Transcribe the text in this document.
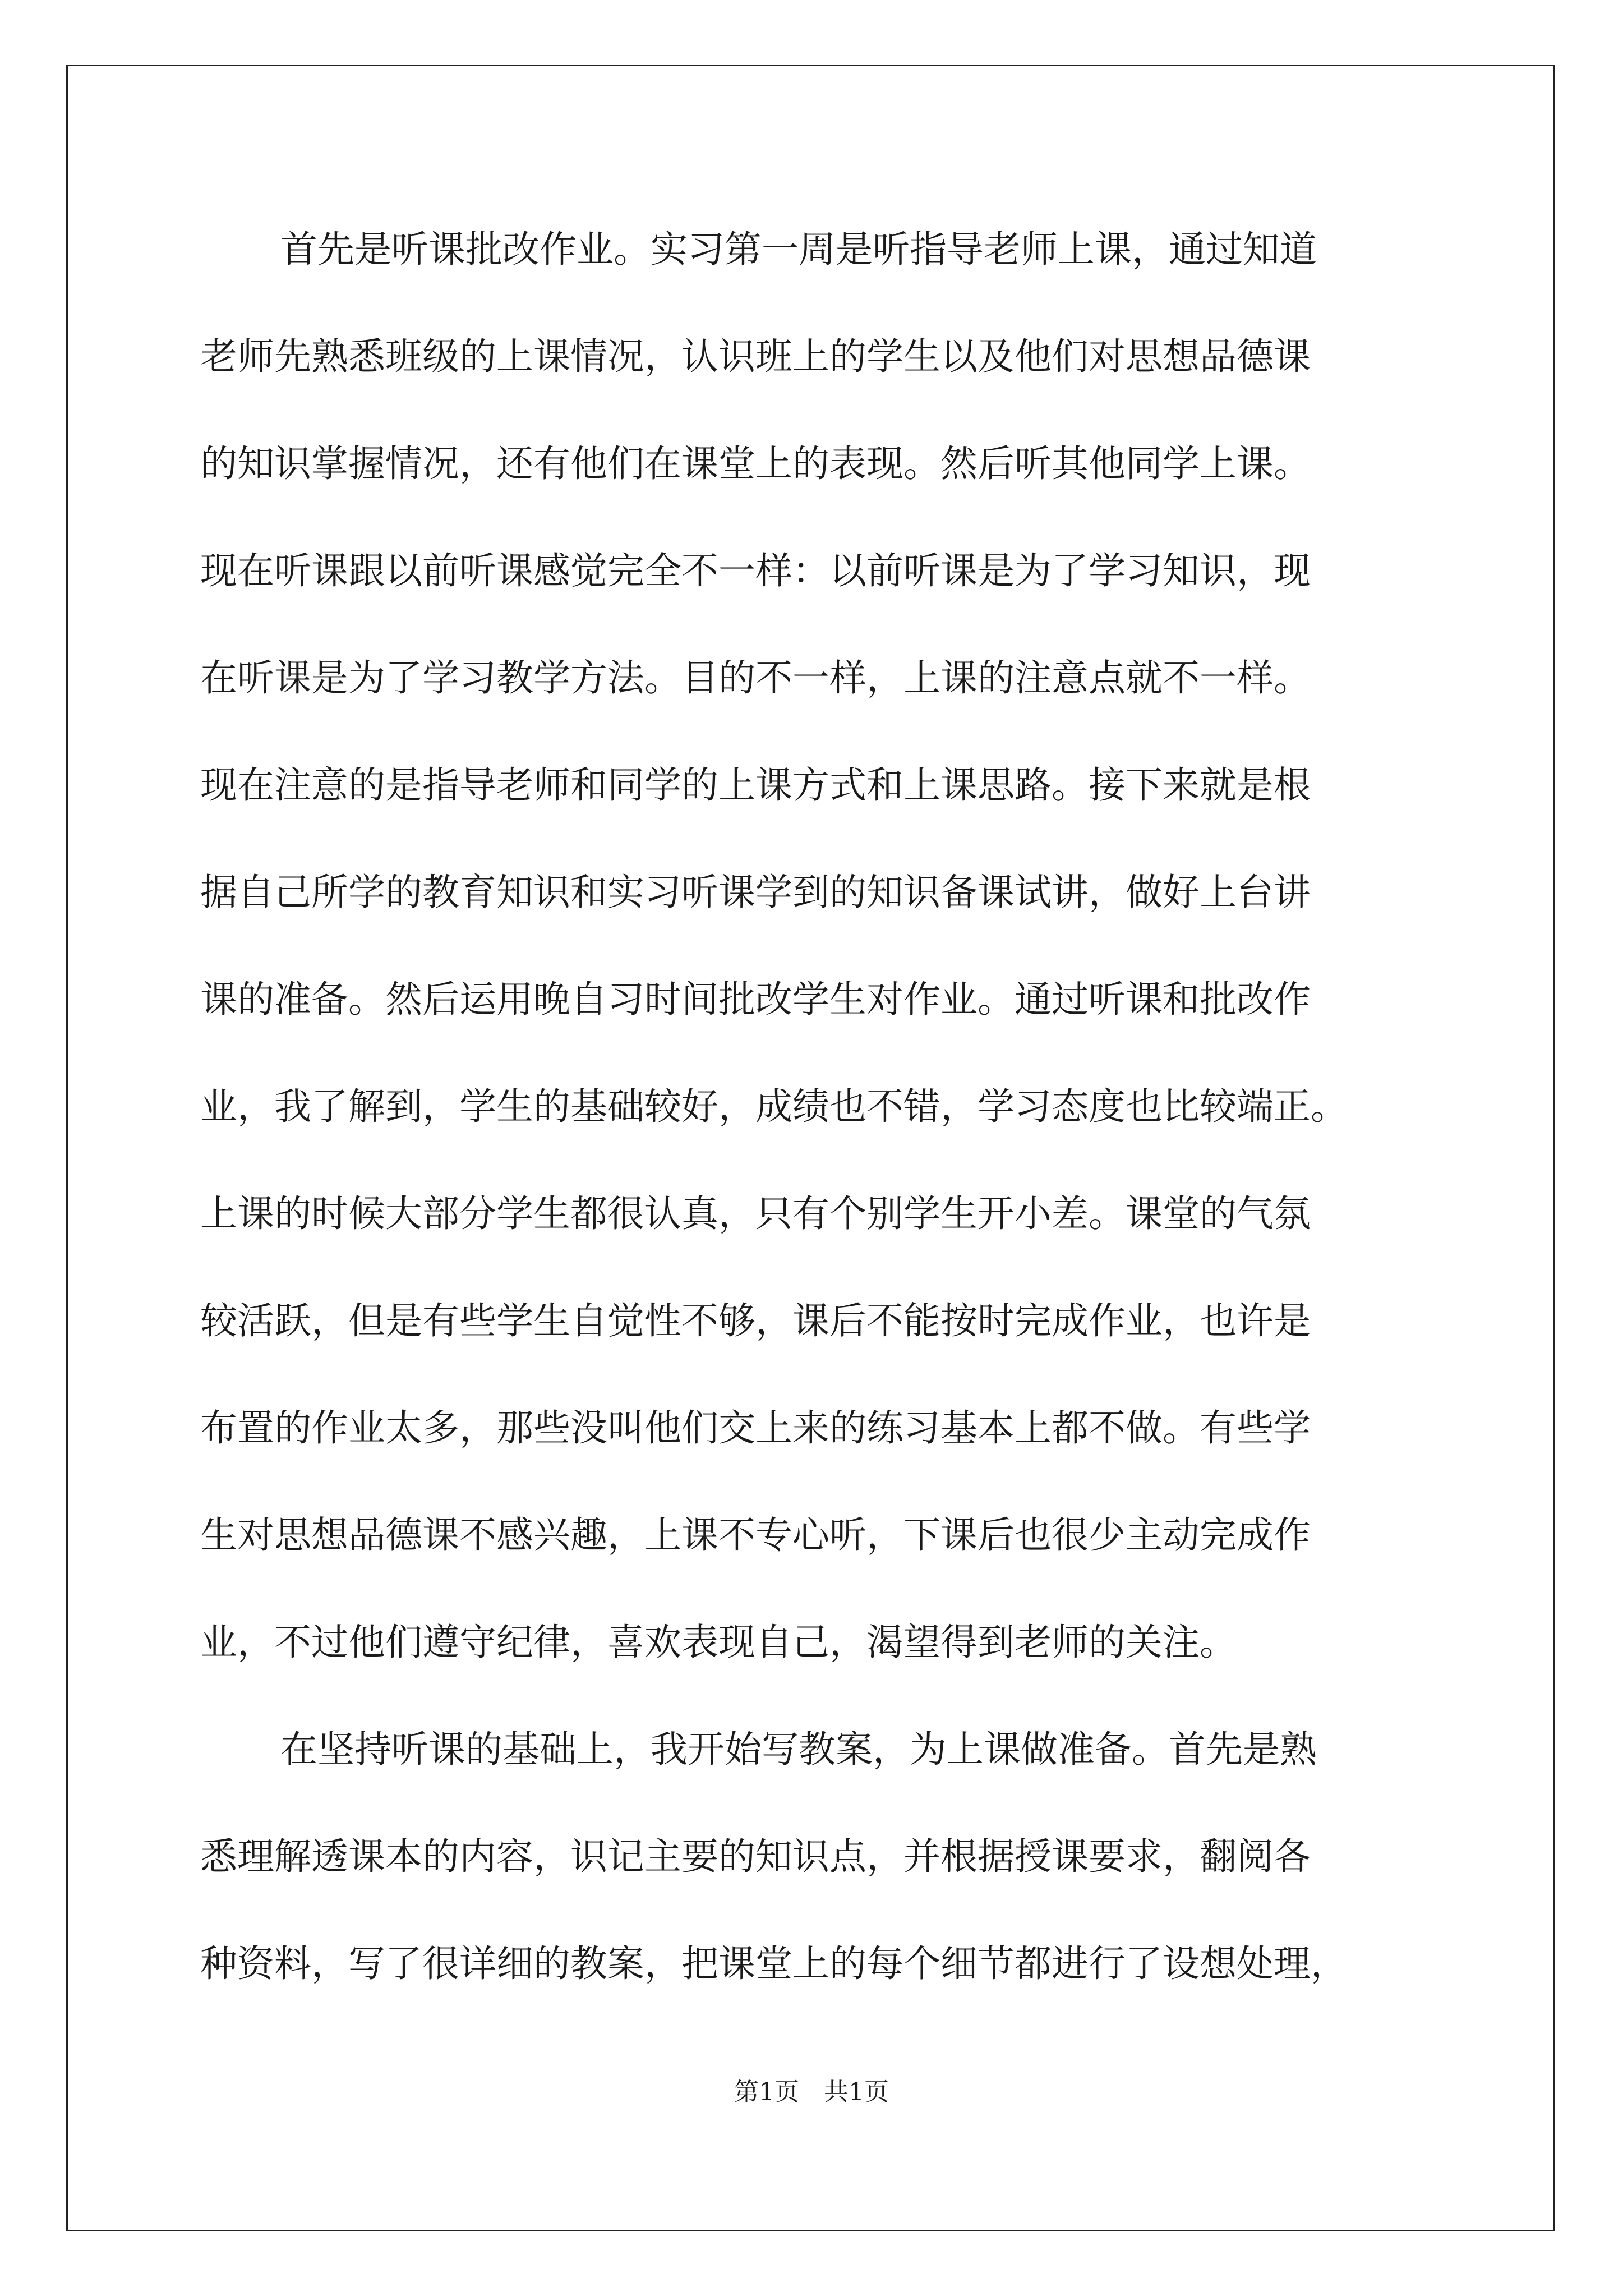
首先是听课批改作业。实习第一周是听指导老师上课，通过知道
老师先熟悉班级的上课情况，认识班上的学生以及他们对思想品德课
的知识掌握情况，还有他们在课堂上的表现。然后听其他同学上课。
现在听课跟以前听课感觉完全不一样：以前听课是为了学习知识，现
在听课是为了学习教学方法。目的不一样，上课的注意点就不一样。
现在注意的是指导老师和同学的上课方式和上课思路。接下来就是根
据自己所学的教育知识和实习听课学到的知识备课试讲，做好上台讲
课的准备。然后运用晚自习时间批改学生对作业。通过听课和批改作
业，我了解到，学生的基础较好，成绩也不错，学习态度也比较端正。
上课的时候大部分学生都很认真，只有个别学生开小差。课堂的气氛
较活跃，但是有些学生自觉性不够，课后不能按时完成作业，也许是
布置的作业太多，那些没叫他们交上来的练习基本上都不做。有些学
生对思想品德课不感兴趣，上课不专心听，下课后也很少主动完成作
业，不过他们遵守纪律，喜欢表现自己，渴望得到老师的关注。
在坚持听课的基础上，我开始写教案，为上课做准备。首先是熟
悉理解透课本的内容，识记主要的知识点，并根据授课要求，翻阅各
种资料，写了很详细的教案，把课堂上的每个细节都进行了设想处理，
第1页　共1页
